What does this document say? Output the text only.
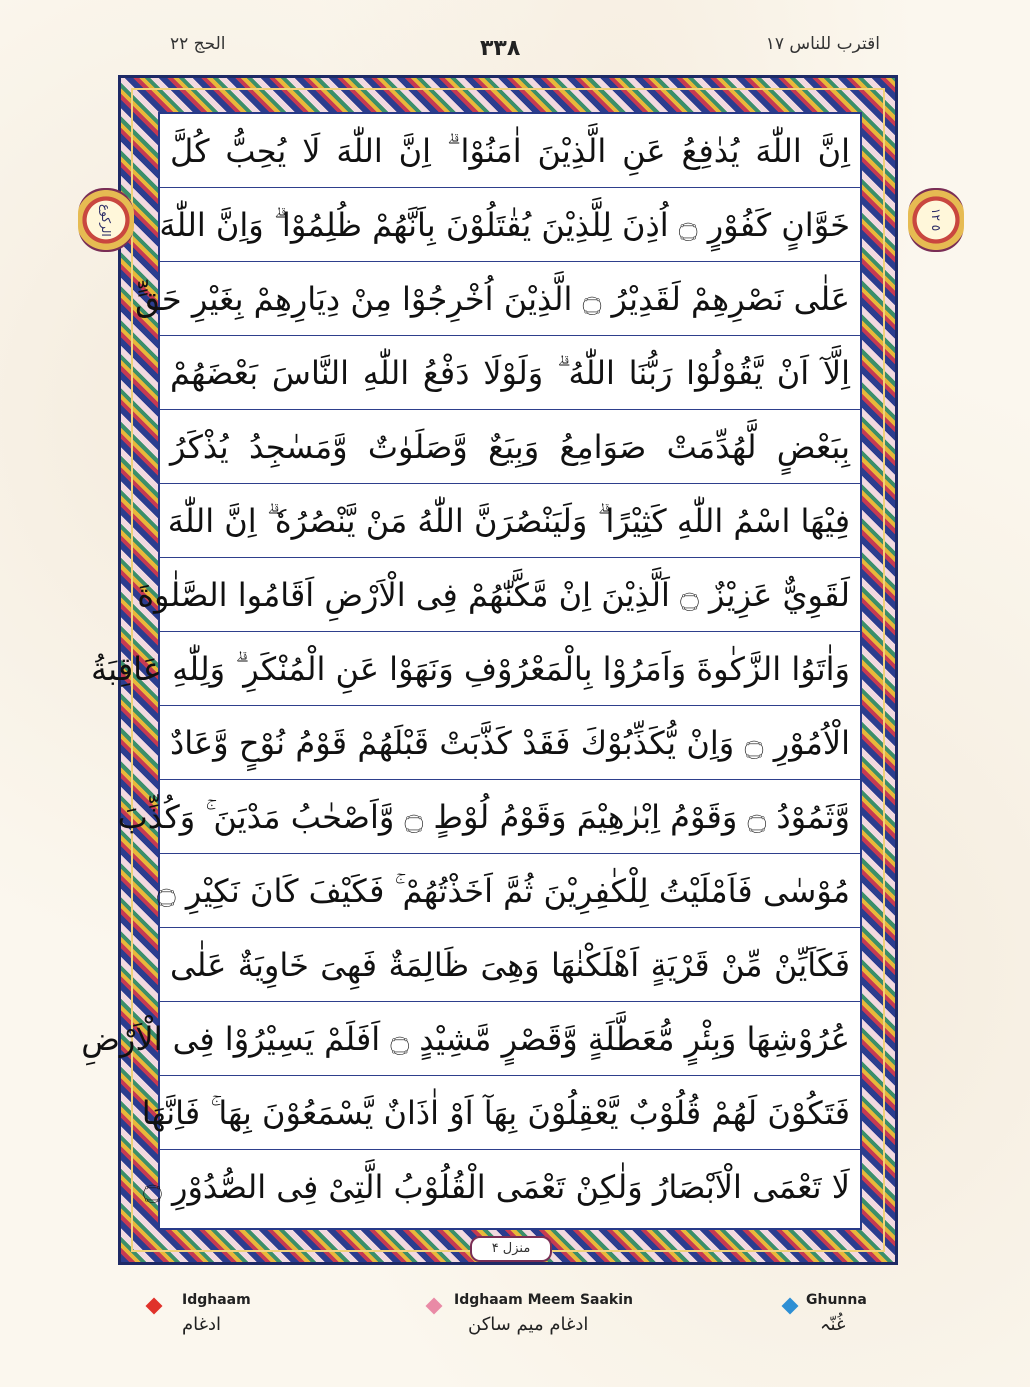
الحج ٢٢	٣٣٨	اقترب للناس ١٧
الركوع	٥ ١٢
اِنَّ اللّٰهَ يُدٰفِعُ عَنِ الَّذِيْنَ اٰمَنُوْا ۗ اِنَّ اللّٰهَ لَا يُحِبُّ كُلَّ
خَوَّانٍ كَفُوْرٍ ۝ اُذِنَ لِلَّذِيْنَ يُقٰتَلُوْنَ بِاَنَّهُمْ ظُلِمُوْا ۗ وَاِنَّ اللّٰهَ
عَلٰى نَصْرِهِمْ لَقَدِيْرُ ۝ الَّذِيْنَ اُخْرِجُوْا مِنْ دِيَارِهِمْ بِغَيْرِ حَقٍّ
اِلَّآ اَنْ يَّقُوْلُوْا رَبُّنَا اللّٰهُ ۗ وَلَوْلَا دَفْعُ اللّٰهِ النَّاسَ بَعْضَهُمْ
بِبَعْضٍ لَّهُدِّمَتْ صَوَامِعُ وَبِيَعٌ وَّصَلَوٰتٌ وَّمَسٰجِدُ يُذْكَرُ
فِيْهَا اسْمُ اللّٰهِ كَثِيْرًا ۗ وَلَيَنْصُرَنَّ اللّٰهُ مَنْ يَّنْصُرُهٗ ۗ اِنَّ اللّٰهَ
لَقَوِيٌّ عَزِيْزٌ ۝ اَلَّذِيْنَ اِنْ مَّكَّنّٰهُمْ فِى الْاَرْضِ اَقَامُوا الصَّلٰوةَ
وَاٰتَوُا الزَّكٰوةَ وَاَمَرُوْا بِالْمَعْرُوْفِ وَنَهَوْا عَنِ الْمُنْكَرِ ۗ وَلِلّٰهِ عَاقِبَةُ
الْاُمُوْرِ ۝ وَاِنْ يُّكَذِّبُوْكَ فَقَدْ كَذَّبَتْ قَبْلَهُمْ قَوْمُ نُوْحٍ وَّعَادٌ
وَّثَمُوْدُ ۝ وَقَوْمُ اِبْرٰهِيْمَ وَقَوْمُ لُوْطٍ ۝ وَّاَصْحٰبُ مَدْيَنَ ۚ وَكُذِّبَ
مُوْسٰى فَاَمْلَيْتُ لِلْكٰفِرِيْنَ ثُمَّ اَخَذْتُهُمْ ۚ فَكَيْفَ كَانَ نَكِيْرِ ۝
فَكَاَيِّنْ مِّنْ قَرْيَةٍ اَهْلَكْنٰهَا وَهِىَ ظَالِمَةٌ فَهِىَ خَاوِيَةٌ عَلٰى
عُرُوْشِهَا وَبِئْرٍ مُّعَطَّلَةٍ وَّقَصْرٍ مَّشِيْدٍ ۝ اَفَلَمْ يَسِيْرُوْا فِى الْاَرْضِ
فَتَكُوْنَ لَهُمْ قُلُوْبٌ يَّعْقِلُوْنَ بِهَآ اَوْ اٰذَانٌ يَّسْمَعُوْنَ بِهَا ۚ فَاِنَّهَا
لَا تَعْمَى الْاَبْصَارُ وَلٰكِنْ تَعْمَى الْقُلُوْبُ الَّتِىْ فِى الصُّدُوْرِ ۝
منزل ۴
Idghaam
ادغام
Idghaam Meem Saakin
ادغام میم ساکن
Ghunna
غُنّہ
